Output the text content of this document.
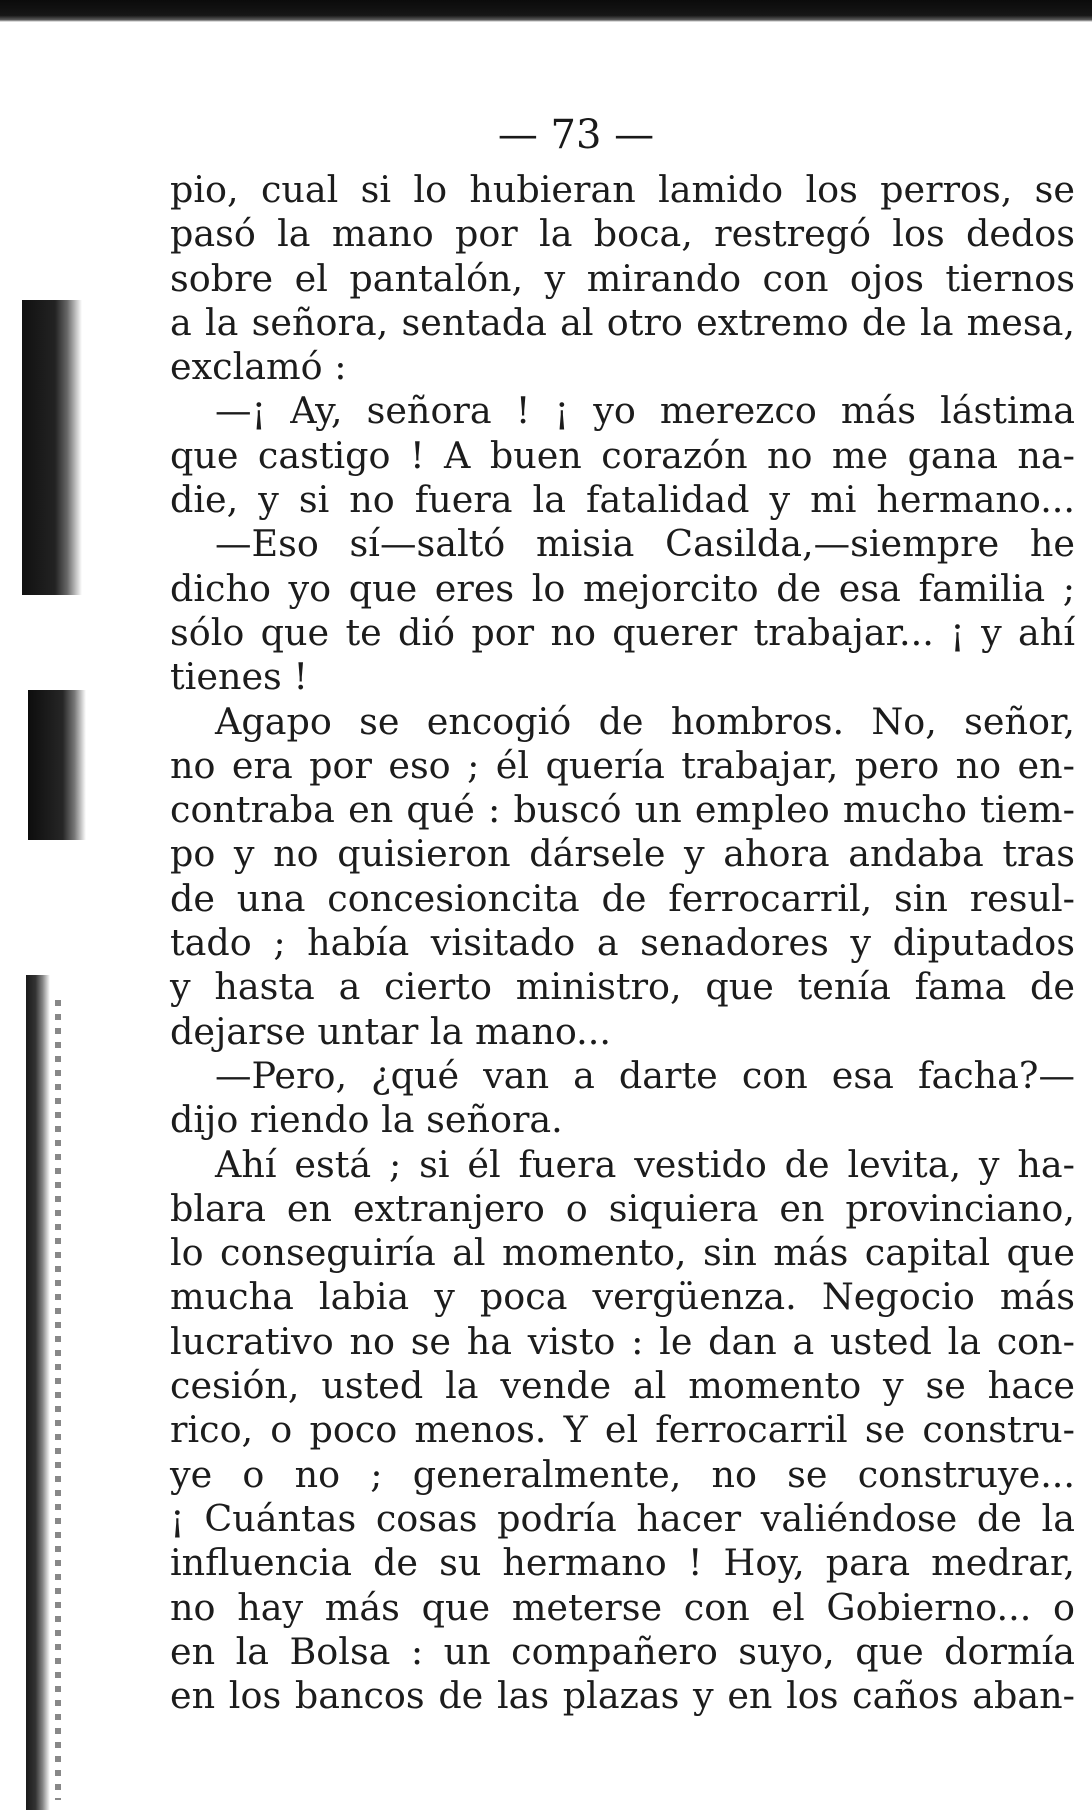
— 73 —
pio, cual si lo hubieran lamido los perros, se
pasó la mano por la boca, restregó los dedos
sobre el pantalón, y mirando con ojos tiernos
a la señora, sentada al otro extremo de la mesa,
exclamó :
—¡ Ay, señora ! ¡ yo merezco más lástima
que castigo ! A buen corazón no me gana na-
die, y si no fuera la fatalidad y mi hermano...
—Eso sí—saltó misia Casilda,—siempre he
dicho yo que eres lo mejorcito de esa familia ;
sólo que te dió por no querer trabajar... ¡ y ahí
tienes !
Agapo se encogió de hombros. No, señor,
no era por eso ; él quería trabajar, pero no en-
contraba en qué : buscó un empleo mucho tiem-
po y no quisieron dársele y ahora andaba tras
de una concesioncita de ferrocarril, sin resul-
tado ; había visitado a senadores y diputados
y hasta a cierto ministro, que tenía fama de
dejarse untar la mano...
—Pero, ¿qué van a darte con esa facha?—
dijo riendo la señora.
Ahí está ; si él fuera vestido de levita, y ha-
blara en extranjero o siquiera en provinciano,
lo conseguiría al momento, sin más capital que
mucha labia y poca vergüenza. Negocio más
lucrativo no se ha visto : le dan a usted la con-
cesión, usted la vende al momento y se hace
rico, o poco menos. Y el ferrocarril se constru-
ye o no ; generalmente, no se construye...
¡ Cuántas cosas podría hacer valiéndose de la
influencia de su hermano ! Hoy, para medrar,
no hay más que meterse con el Gobierno... o
en la Bolsa : un compañero suyo, que dormía
en los bancos de las plazas y en los caños aban-
